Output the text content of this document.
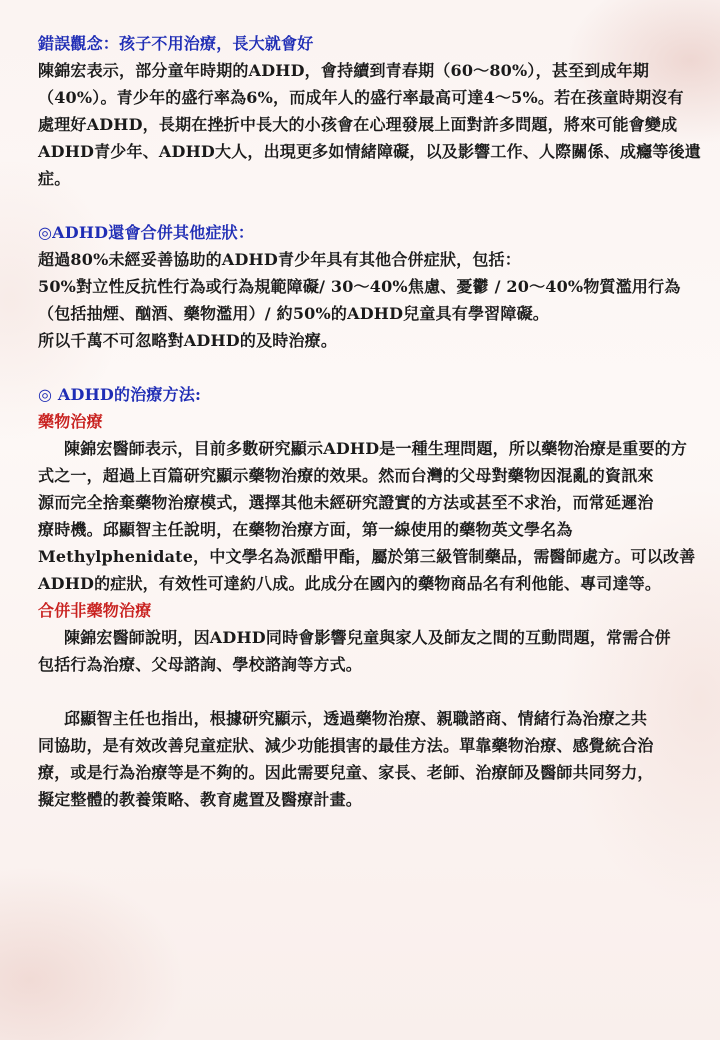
錯誤觀念：孩子不用治療，長大就會好
陳錦宏表示，部分童年時期的ADHD，會持續到青春期（60～80%），甚至到成年期
（40%）。青少年的盛行率為6%，而成年人的盛行率最高可達4～5%。若在孩童時期沒有
處理好ADHD，長期在挫折中長大的小孩會在心理發展上面對許多問題，將來可能會變成
ADHD青少年、ADHD大人，出現更多如情緒障礙，以及影響工作、人際關係、成癮等後遺
症。
◎ADHD還會合併其他症狀：
超過80%未經妥善協助的ADHD青少年具有其他合併症狀，包括：
50%對立性反抗性行為或行為規範障礙/ 30～40%焦慮、憂鬱 / 20～40%物質濫用行為
（包括抽煙、酗酒、藥物濫用）/ 約50%的ADHD兒童具有學習障礙。
所以千萬不可忽略對ADHD的及時治療。
◎ ADHD的治療方法:
藥物治療
陳錦宏醫師表示，目前多數研究顯示ADHD是一種生理問題，所以藥物治療是重要的方
式之一，超過上百篇研究顯示藥物治療的效果。然而台灣的父母對藥物因混亂的資訊來
源而完全捨棄藥物治療模式，選擇其他未經研究證實的方法或甚至不求治，而常延遲治
療時機。邱顯智主任說明，在藥物治療方面，第一線使用的藥物英文學名為
Methylphenidate，中文學名為派醋甲酯，屬於第三級管制藥品，需醫師處方。可以改善
ADHD的症狀，有效性可達約八成。此成分在國內的藥物商品名有利他能、專司達等。
合併非藥物治療
陳錦宏醫師說明，因ADHD同時會影響兒童與家人及師友之間的互動問題，常需合併
包括行為治療、父母諮詢、學校諮詢等方式。
邱顯智主任也指出，根據研究顯示，透過藥物治療、親職諮商、情緒行為治療之共
同協助，是有效改善兒童症狀、減少功能損害的最佳方法。單靠藥物治療、感覺統合治
療，或是行為治療等是不夠的。因此需要兒童、家長、老師、治療師及醫師共同努力，
擬定整體的教養策略、教育處置及醫療計畫。
